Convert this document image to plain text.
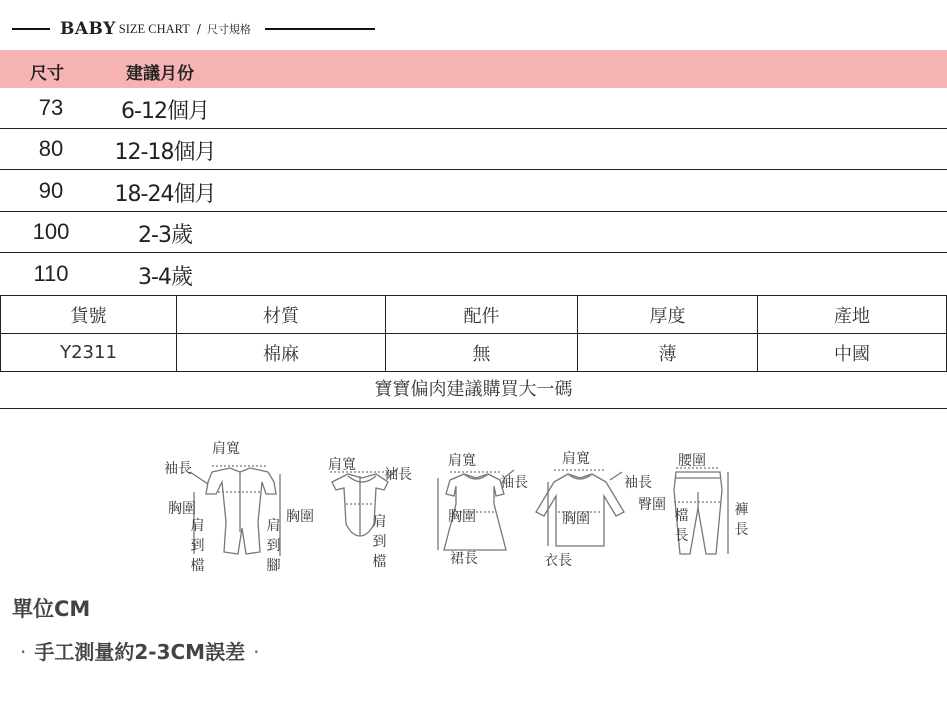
BABY SIZE CHART / 尺寸規格
尺寸	建議月份
73	6-12個月
80	12-18個月
90	18-24個月
100	2-3歲
110	3-4歲
貨號	材質	配件	厚度	產地
Y2311	棉麻	無	薄	中國
寶寶偏肉建議購買大一碼
肩寬
袖長
胸圍
肩到檔
肩到腳
肩寬
袖長
胸圍	肩到檔
肩寬
袖長
胸圍
裙長
肩寬
袖長
胸圍
衣長
腰圍
臀圍
檔長
褲長
單位CM
· 手工測量約2-3CM誤差 ·
